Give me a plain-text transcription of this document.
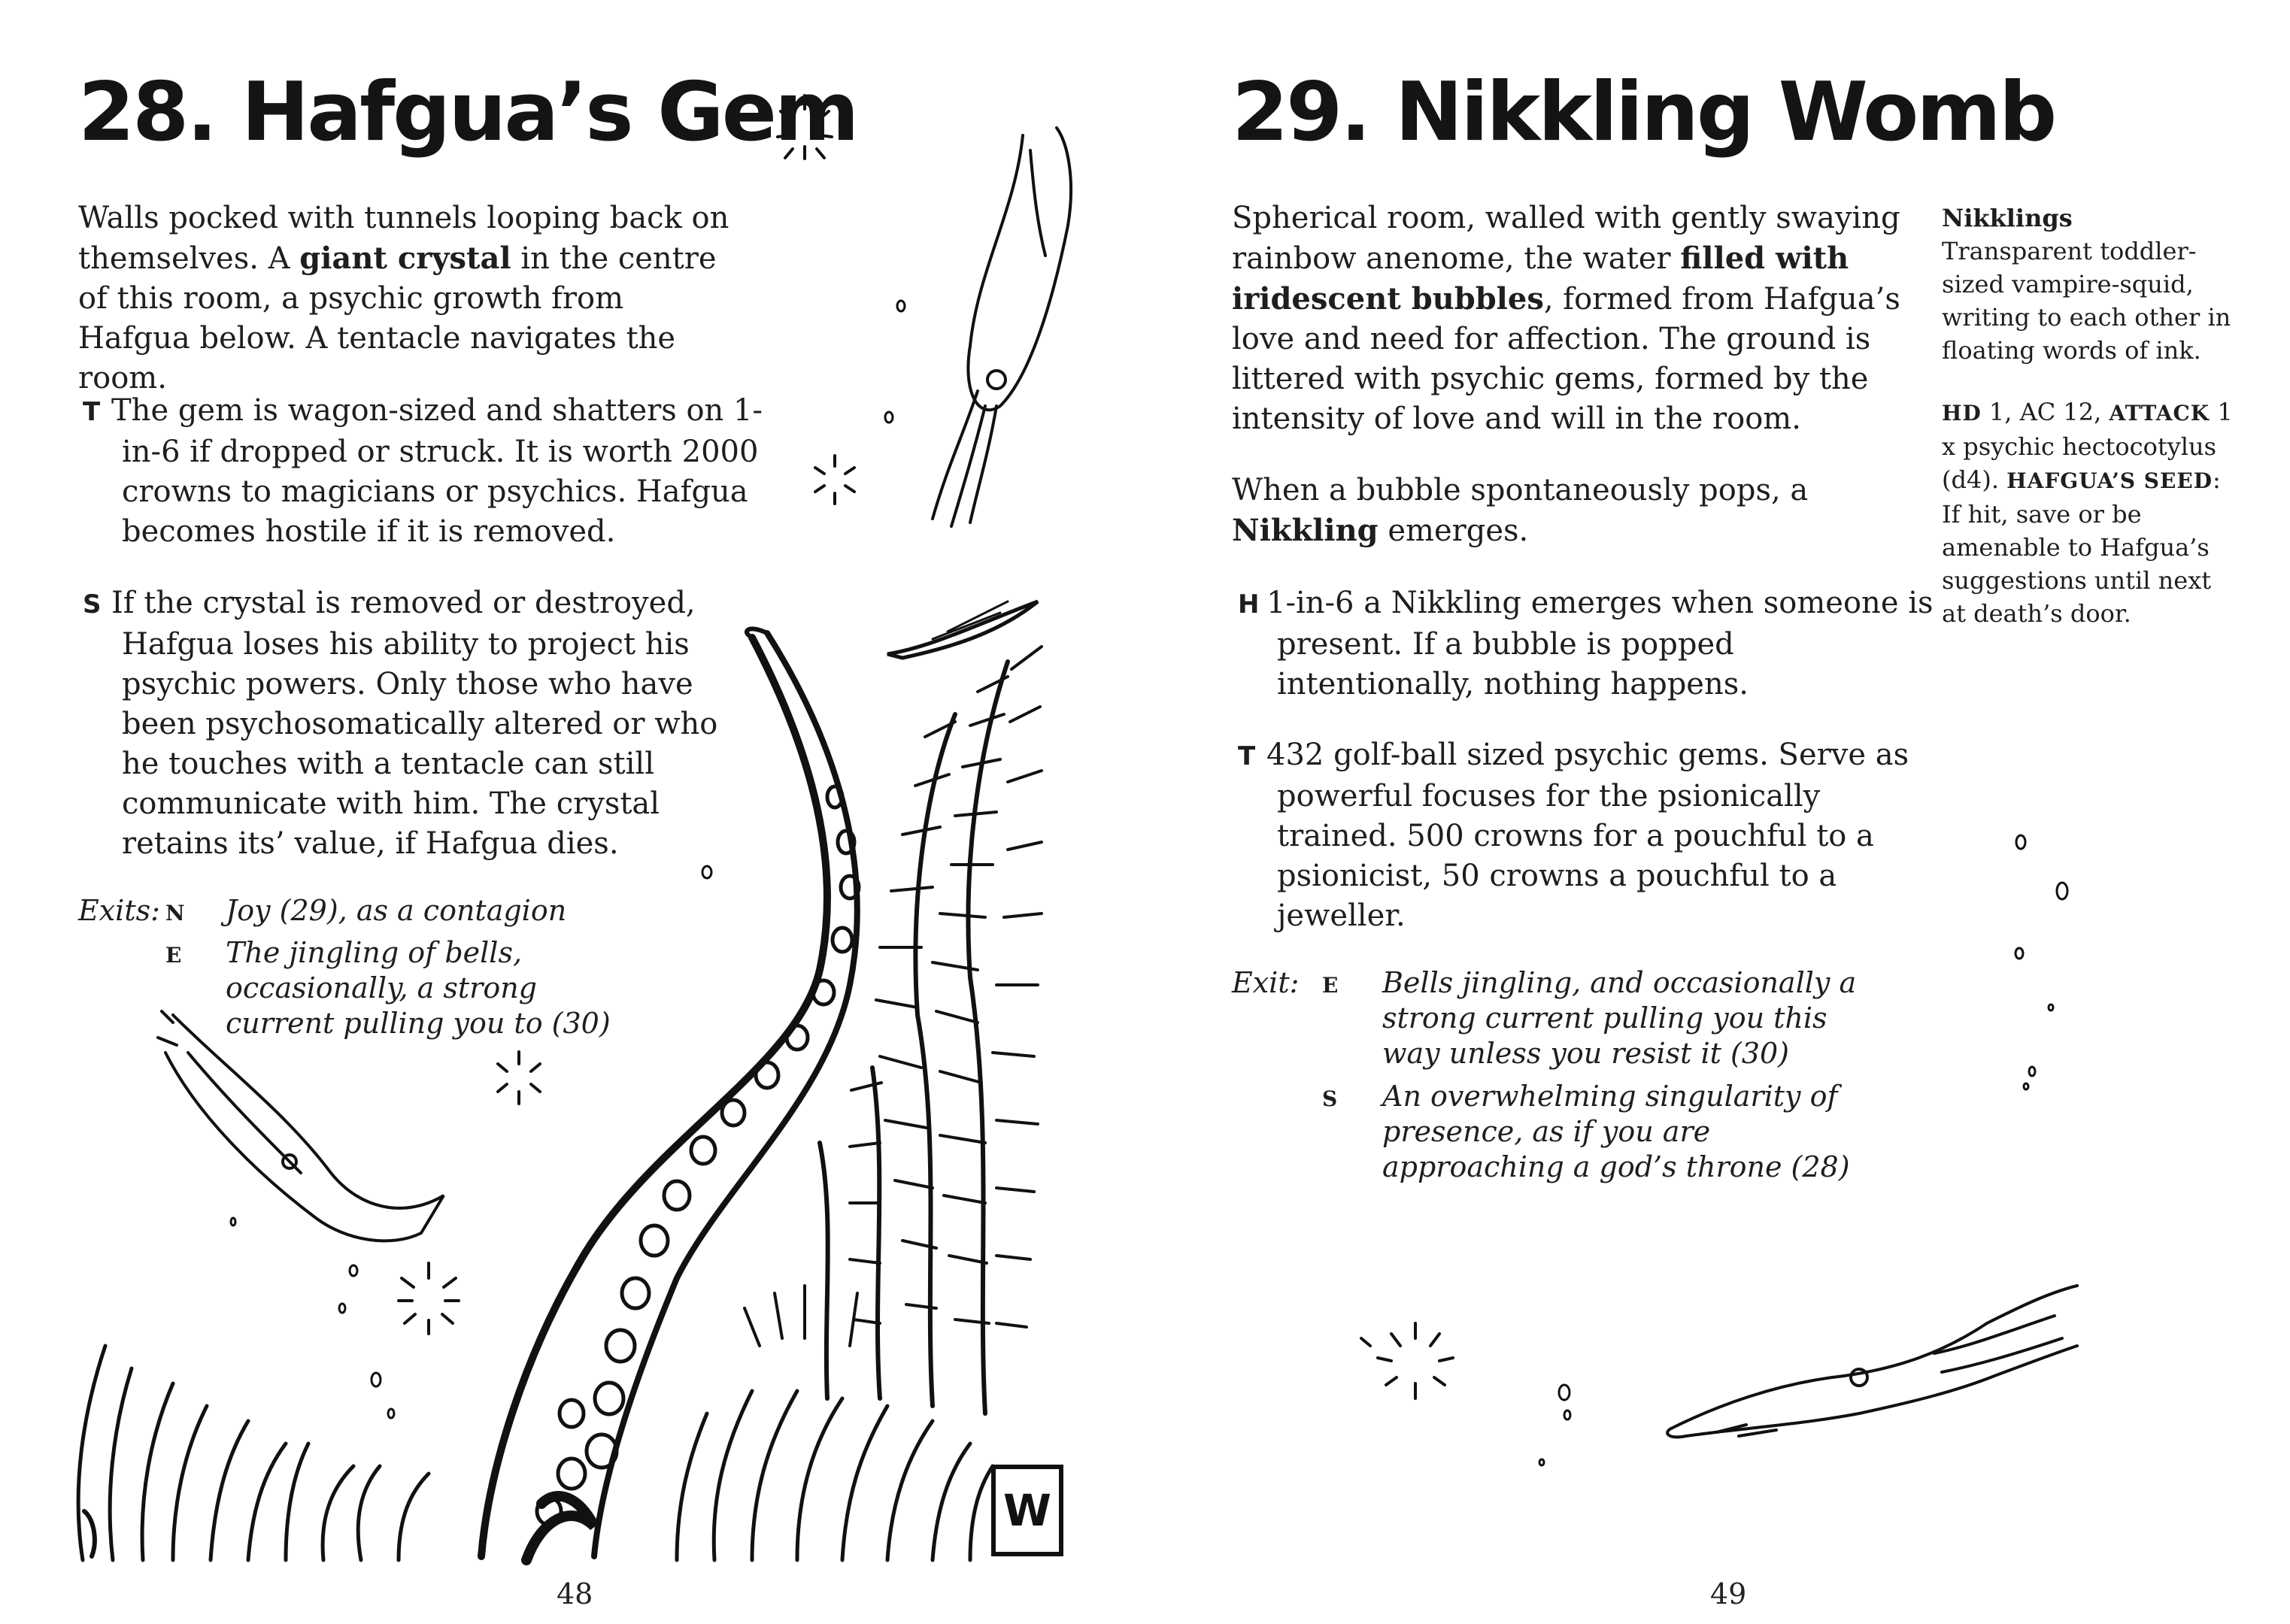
28. Hafgua’s Gem

Walls pocked with tunnels looping back on themselves. A giant crystal in the centre of this room, a psychic growth from Hafgua below. A tentacle navigates the room.

T The gem is wagon-sized and shatters on 1-in-6 if dropped or struck. It is worth 2000 crowns to magicians or psychics. Hafgua becomes hostile if it is removed.

S If the crystal is removed or destroyed, Hafgua loses his ability to project his psychic powers. Only those who have been psychosomatically altered or who he touches with a tentacle can still communicate with him. The crystal retains its’ value, if Hafgua dies.

Exits: N	Joy (29), as a contagion
E	The jingling of bells, occasionally, a strong current pulling you to (30)
W
48
29. Nikkling Womb

Spherical room, walled with gently swaying rainbow anenome, the water filled with iridescent bubbles, formed from Hafgua’s love and need for affection. The ground is littered with psychic gems, formed by the intensity of love and will in the room.

When a bubble spontaneously pops, a Nikkling emerges.

H 1-in-6 a Nikkling emerges when someone is present. If a bubble is popped intentionally, nothing happens.

T 432 golf-ball sized psychic gems. Serve as powerful focuses for the psionically trained. 500 crowns for a pouchful to a psionicist, 50 crowns a pouchful to a jeweller.

Exit: E	Bells jingling, and occasionally a strong current pulling you this way unless you resist it (30)
S	An overwhelming singularity of presence, as if you are approaching a god’s throne (28)

Nikklings
Transparent toddler-sized vampire-squid, writing to each other in floating words of ink.

HD 1, AC 12, ATTACK 1 x psychic hectocotylus (d4). HAFGUA’S SEED: If hit, save or be amenable to Hafgua’s suggestions until next at death’s door.

49
